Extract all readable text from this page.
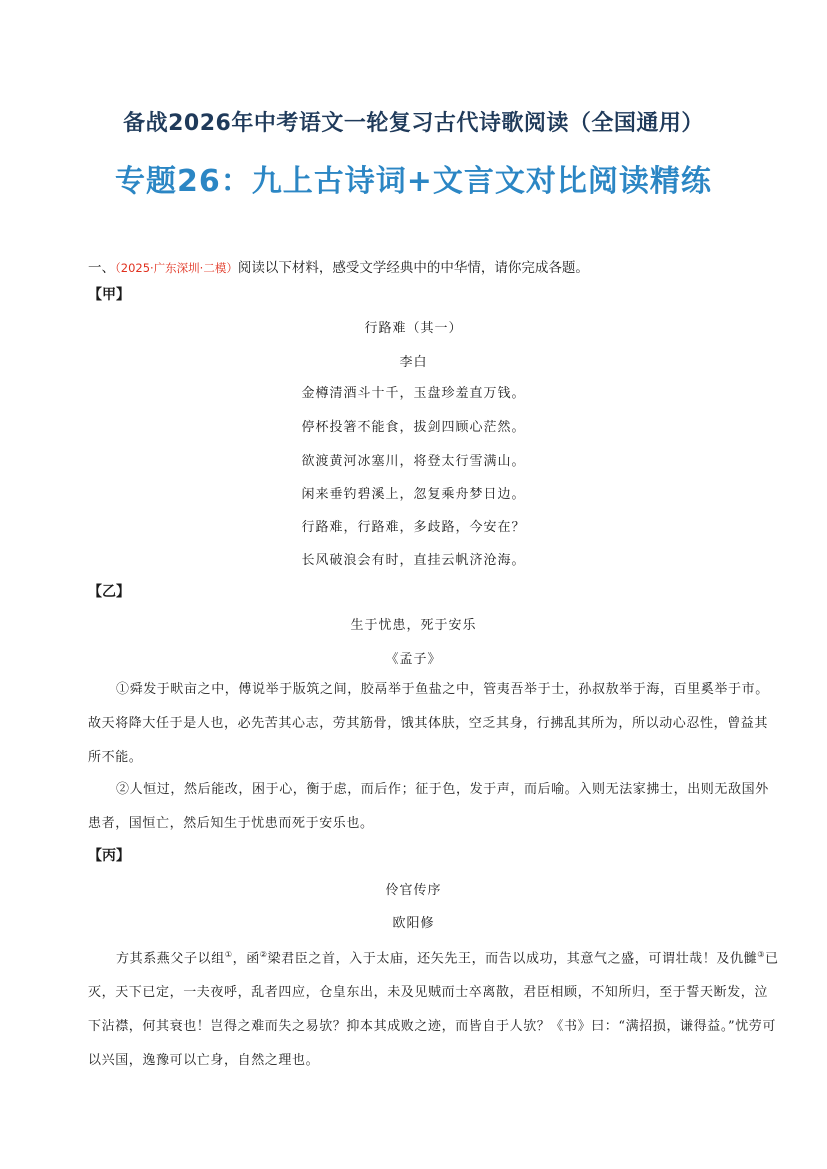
备战2026年中考语文一轮复习古代诗歌阅读（全国通用）
专题26：九上古诗词+文言文对比阅读精练
一、（2025·广东深圳·二模）阅读以下材料，感受文学经典中的中华情，请你完成各题。
【甲】
行路难（其一）
李白
金樽清酒斗十千，玉盘珍羞直万钱。
停杯投箸不能食，拔剑四顾心茫然。
欲渡黄河冰塞川，将登太行雪满山。
闲来垂钓碧溪上，忽复乘舟梦日边。
行路难，行路难，多歧路，今安在？
长风破浪会有时，直挂云帆济沧海。
【乙】
生于忧患，死于安乐
《孟子》

①舜发于畎亩之中，傅说举于版筑之间，胶鬲举于鱼盐之中，管夷吾举于士，孙叔敖举于海，百里奚举于市。故天将降大任于是人也，必先苦其心志，劳其筋骨，饿其体肤，空乏其身，行拂乱其所为，所以动心忍性，曾益其所不能。

②人恒过，然后能改，困于心，衡于虑，而后作；征于色，发于声，而后喻。入则无法家拂士，出则无敌国外患者，国恒亡，然后知生于忧患而死于安乐也。

【丙】
伶官传序
欧阳修

方其系燕父子以组①，函②梁君臣之首，入于太庙，还矢先王，而告以成功，其意气之盛，可谓壮哉！及仇雠③已灭，天下已定，一夫夜呼，乱者四应，仓皇东出，未及见贼而士卒离散，君臣相顾，不知所归，至于誓天断发，泣下沾襟，何其衰也！岂得之难而失之易欤？抑本其成败之迹，而皆自于人欤？《书》曰：“满招损，谦得益。”忧劳可以兴国，逸豫可以亡身，自然之理也。
